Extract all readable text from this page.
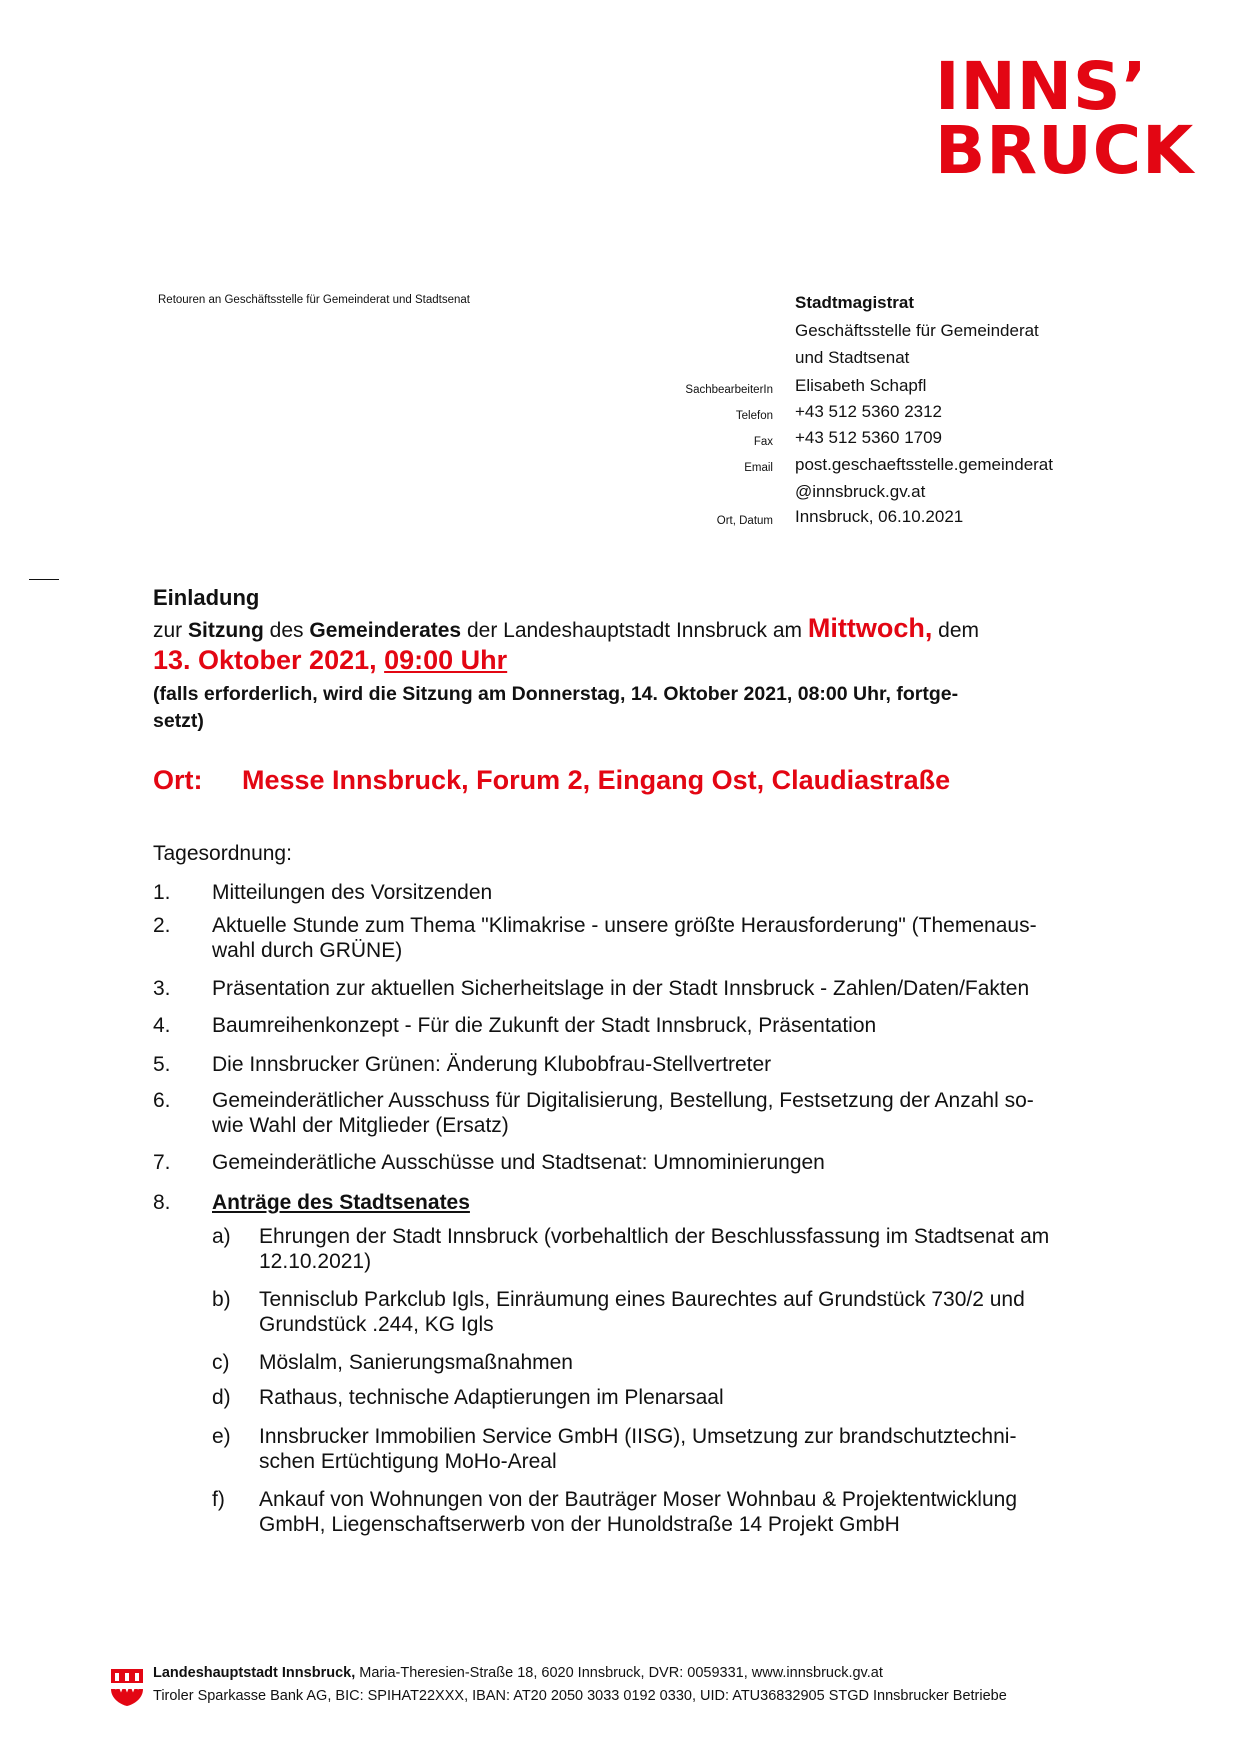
INNS’
BRUCK
Retouren an Geschäftsstelle für Gemeinderat und Stadtsenat	Stadtmagistrat
Geschäftsstelle für Gemeinderat
und Stadtsenat
SachbearbeiterIn Elisabeth Schapfl
Telefon +43 512 5360 2312
Fax +43 512 5360 1709
Email post.geschaeftsstelle.gemeinderat
@innsbruck.gv.at
Ort, Datum Innsbruck, 06.10.2021
Einladung
zur Sitzung des Gemeinderates der Landeshauptstadt Innsbruck am Mittwoch, dem
13. Oktober 2021, 09:00 Uhr
(falls erforderlich, wird die Sitzung am Donnerstag, 14. Oktober 2021, 08:00 Uhr, fortge-
setzt)
Ort: Messe Innsbruck, Forum 2, Eingang Ost, Claudiastraße
Tagesordnung:
1.	Mitteilungen des Vorsitzenden
2.	Aktuelle Stunde zum Thema "Klimakrise - unsere größte Herausforderung" (Themenaus-
wahl durch GRÜNE)
3.	Präsentation zur aktuellen Sicherheitslage in der Stadt Innsbruck - Zahlen/Daten/Fakten
4.	Baumreihenkonzept - Für die Zukunft der Stadt Innsbruck, Präsentation
5.	Die Innsbrucker Grünen: Änderung Klubobfrau-Stellvertreter
6.	Gemeinderätlicher Ausschuss für Digitalisierung, Bestellung, Festsetzung der Anzahl so-
wie Wahl der Mitglieder (Ersatz)
7.	Gemeinderätliche Ausschüsse und Stadtsenat: Umnominierungen
8.	Anträge des Stadtsenates
a)	Ehrungen der Stadt Innsbruck (vorbehaltlich der Beschlussfassung im Stadtsenat am
12.10.2021)
b)	Tennisclub Parkclub Igls, Einräumung eines Baurechtes auf Grundstück 730/2 und
Grundstück .244, KG Igls
c)	Möslalm, Sanierungsmaßnahmen
d)	Rathaus, technische Adaptierungen im Plenarsaal
e)	Innsbrucker Immobilien Service GmbH (IISG), Umsetzung zur brandschutztechni-
schen Ertüchtigung MoHo-Areal
f)	Ankauf von Wohnungen von der Bauträger Moser Wohnbau & Projektentwicklung
GmbH, Liegenschaftserwerb von der Hunoldstraße 14 Projekt GmbH
Landeshauptstadt Innsbruck, Maria-Theresien-Straße 18, 6020 Innsbruck, DVR: 0059331, www.innsbruck.gv.at
Tiroler Sparkasse Bank AG, BIC: SPIHAT22XXX, IBAN: AT20 2050 3033 0192 0330, UID: ATU36832905 STGD Innsbrucker Betriebe
